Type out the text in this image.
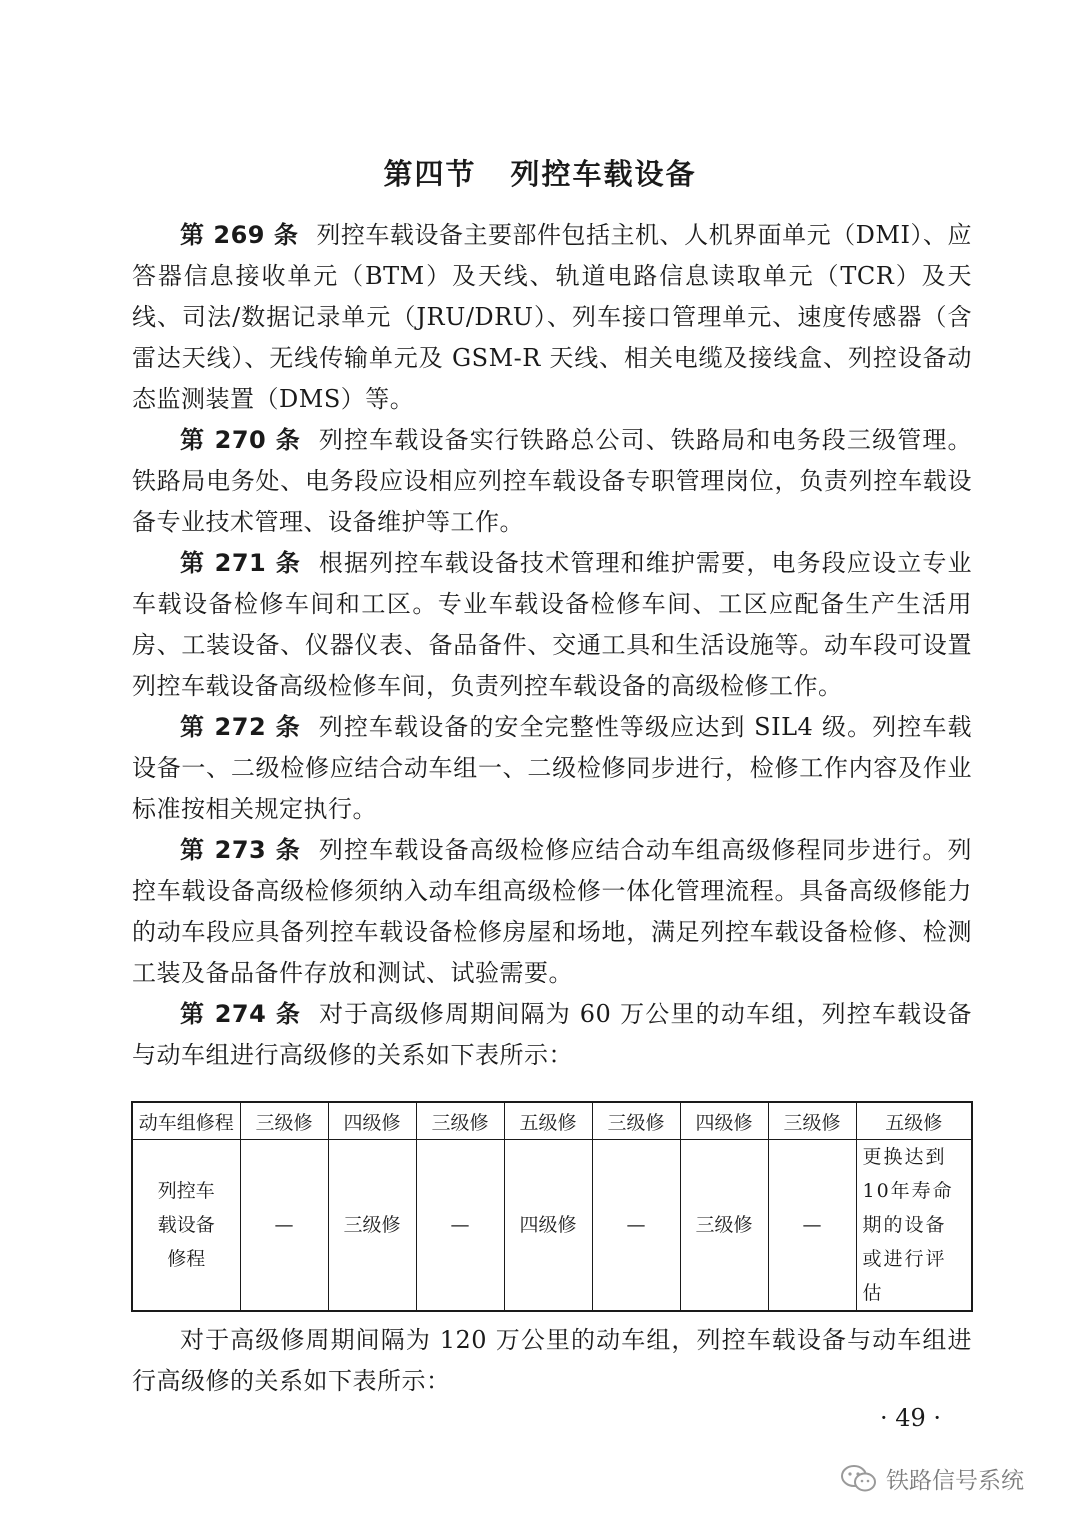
第四节 列控车载设备

第 269 条 列控车载设备主要部件包括主机、人机界面单元（DMI）、应答器信息接收单元（BTM）及天线、轨道电路信息读取单元（TCR）及天线、司法/数据记录单元（JRU/DRU）、列车接口管理单元、速度传感器（含雷达天线）、无线传输单元及 GSM-R 天线、相关电缆及接线盒、列控设备动态监测装置（DMS）等。

第 270 条 列控车载设备实行铁路总公司、铁路局和电务段三级管理。铁路局电务处、电务段应设相应列控车载设备专职管理岗位，负责列控车载设备专业技术管理、设备维护等工作。

第 271 条 根据列控车载设备技术管理和维护需要，电务段应设立专业车载设备检修车间和工区。专业车载设备检修车间、工区应配备生产生活用房、工装设备、仪器仪表、备品备件、交通工具和生活设施等。动车段可设置列控车载设备高级检修车间，负责列控车载设备的高级检修工作。

第 272 条 列控车载设备的安全完整性等级应达到 SIL4 级。列控车载设备一、二级检修应结合动车组一、二级检修同步进行，检修工作内容及作业标准按相关规定执行。

第 273 条 列控车载设备高级检修应结合动车组高级修程同步进行。列控车载设备高级检修须纳入动车组高级检修一体化管理流程。具备高级修能力的动车段应具备列控车载设备检修房屋和场地，满足列控车载设备检修、检测工装及备品备件存放和测试、试验需要。

第 274 条 对于高级修周期间隔为 60 万公里的动车组，列控车载设备与动车组进行高级修的关系如下表所示：

动车组修程	三级修	四级修	三级修	五级修	三级修	四级修	三级修	五级修
列控车载设备修程	—	三级修	—	四级修	—	三级修	—	更换达到10年寿命期的设备或进行评估

对于高级修周期间隔为 120 万公里的动车组，列控车载设备与动车组进行高级修的关系如下表所示：

· 49 ·
铁路信号系统
